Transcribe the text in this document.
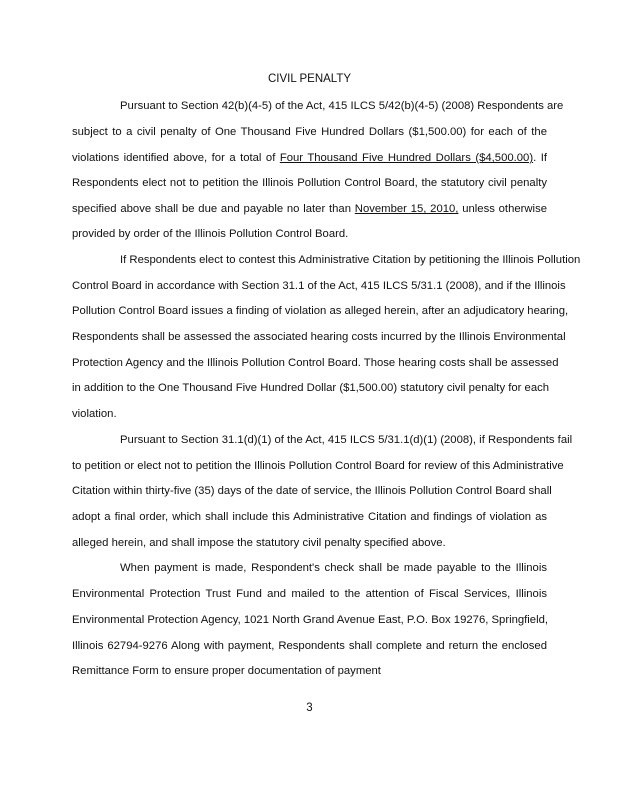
CIVIL PENALTY
Pursuant to Section 42(b)(4-5) of the Act, 415 ILCS 5/42(b)(4-5) (2008) Respondents are
subject to a civil penalty of One Thousand Five Hundred Dollars ($1,500.00) for each of the
violations identified above, for a total of Four Thousand Five Hundred Dollars ($4,500.00). If
Respondents elect not to petition the Illinois Pollution Control Board, the statutory civil penalty
specified above shall be due and payable no later than November 15, 2010, unless otherwise
provided by order of the Illinois Pollution Control Board.
If Respondents elect to contest this Administrative Citation by petitioning the Illinois Pollution
Control Board in accordance with Section 31.1 of the Act, 415 ILCS 5/31.1 (2008), and if the Illinois
Pollution Control Board issues a finding of violation as alleged herein, after an adjudicatory hearing,
Respondents shall be assessed the associated hearing costs incurred by the Illinois Environmental
Protection Agency and the Illinois Pollution Control Board. Those hearing costs shall be assessed
in addition to the One Thousand Five Hundred Dollar ($1,500.00) statutory civil penalty for each
violation.
Pursuant to Section 31.1(d)(1) of the Act, 415 ILCS 5/31.1(d)(1) (2008), if Respondents fail
to petition or elect not to petition the Illinois Pollution Control Board for review of this Administrative
Citation within thirty-five (35) days of the date of service, the Illinois Pollution Control Board shall
adopt a final order, which shall include this Administrative Citation and findings of violation as
alleged herein, and shall impose the statutory civil penalty specified above.
When payment is made, Respondent's check shall be made payable to the Illinois
Environmental Protection Trust Fund and mailed to the attention of Fiscal Services, Illinois
Environmental Protection Agency, 1021 North Grand Avenue East, P.O. Box 19276, Springfield,
Illinois 62794-9276 Along with payment, Respondents shall complete and return the enclosed
Remittance Form to ensure proper documentation of payment
3
